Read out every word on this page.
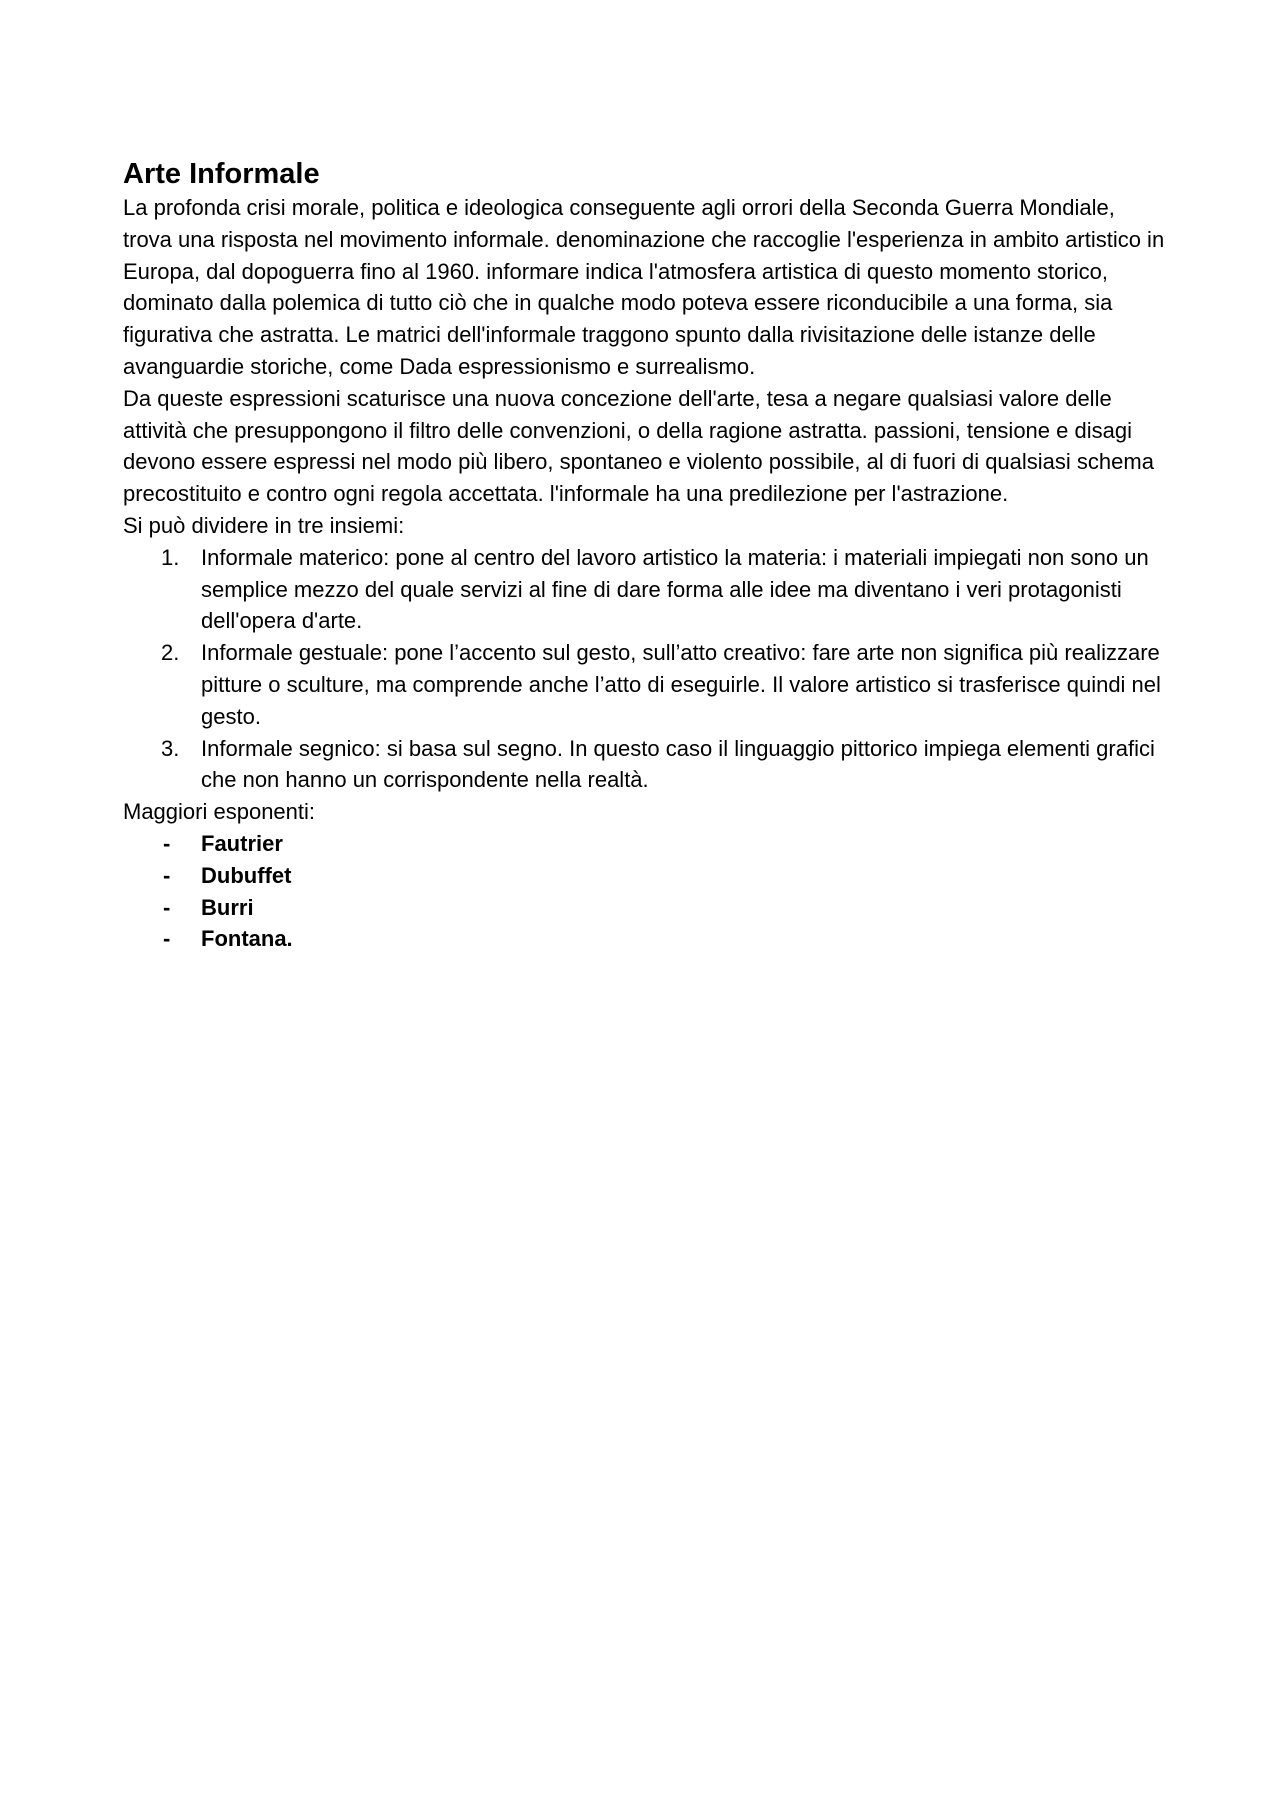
Arte Informale

La profonda crisi morale, politica e ideologica conseguente agli orrori della Seconda Guerra Mondiale, trova una risposta nel movimento informale. denominazione che raccoglie l'esperienza in ambito artistico in Europa, dal dopoguerra fino al 1960. informare indica l'atmosfera artistica di questo momento storico, dominato dalla polemica di tutto ciò che in qualche modo poteva essere riconducibile a una forma, sia figurativa che astratta. Le matrici dell'informale traggono spunto dalla rivisitazione delle istanze delle avanguardie storiche, come Dada espressionismo e surrealismo.

Da queste espressioni scaturisce una nuova concezione dell'arte, tesa a negare qualsiasi valore delle attività che presuppongono il filtro delle convenzioni, o della ragione astratta. passioni, tensione e disagi devono essere espressi nel modo più libero, spontaneo e violento possibile, al di fuori di qualsiasi schema precostituito e contro ogni regola accettata. l'informale ha una predilezione per l'astrazione.

Si può dividere in tre insiemi:

1. Informale materico: pone al centro del lavoro artistico la materia: i materiali impiegati non sono un semplice mezzo del quale servizi al fine di dare forma alle idee ma diventano i veri protagonisti dell'opera d'arte.
2. Informale gestuale: pone l’accento sul gesto, sull’atto creativo: fare arte non significa più realizzare pitture o sculture, ma comprende anche l’atto di eseguirle. Il valore artistico si trasferisce quindi nel gesto.
3. Informale segnico: si basa sul segno. In questo caso il linguaggio pittorico impiega elementi grafici che non hanno un corrispondente nella realtà.

Maggiori esponenti:

- Fautrier
- Dubuffet
- Burri
- Fontana.
